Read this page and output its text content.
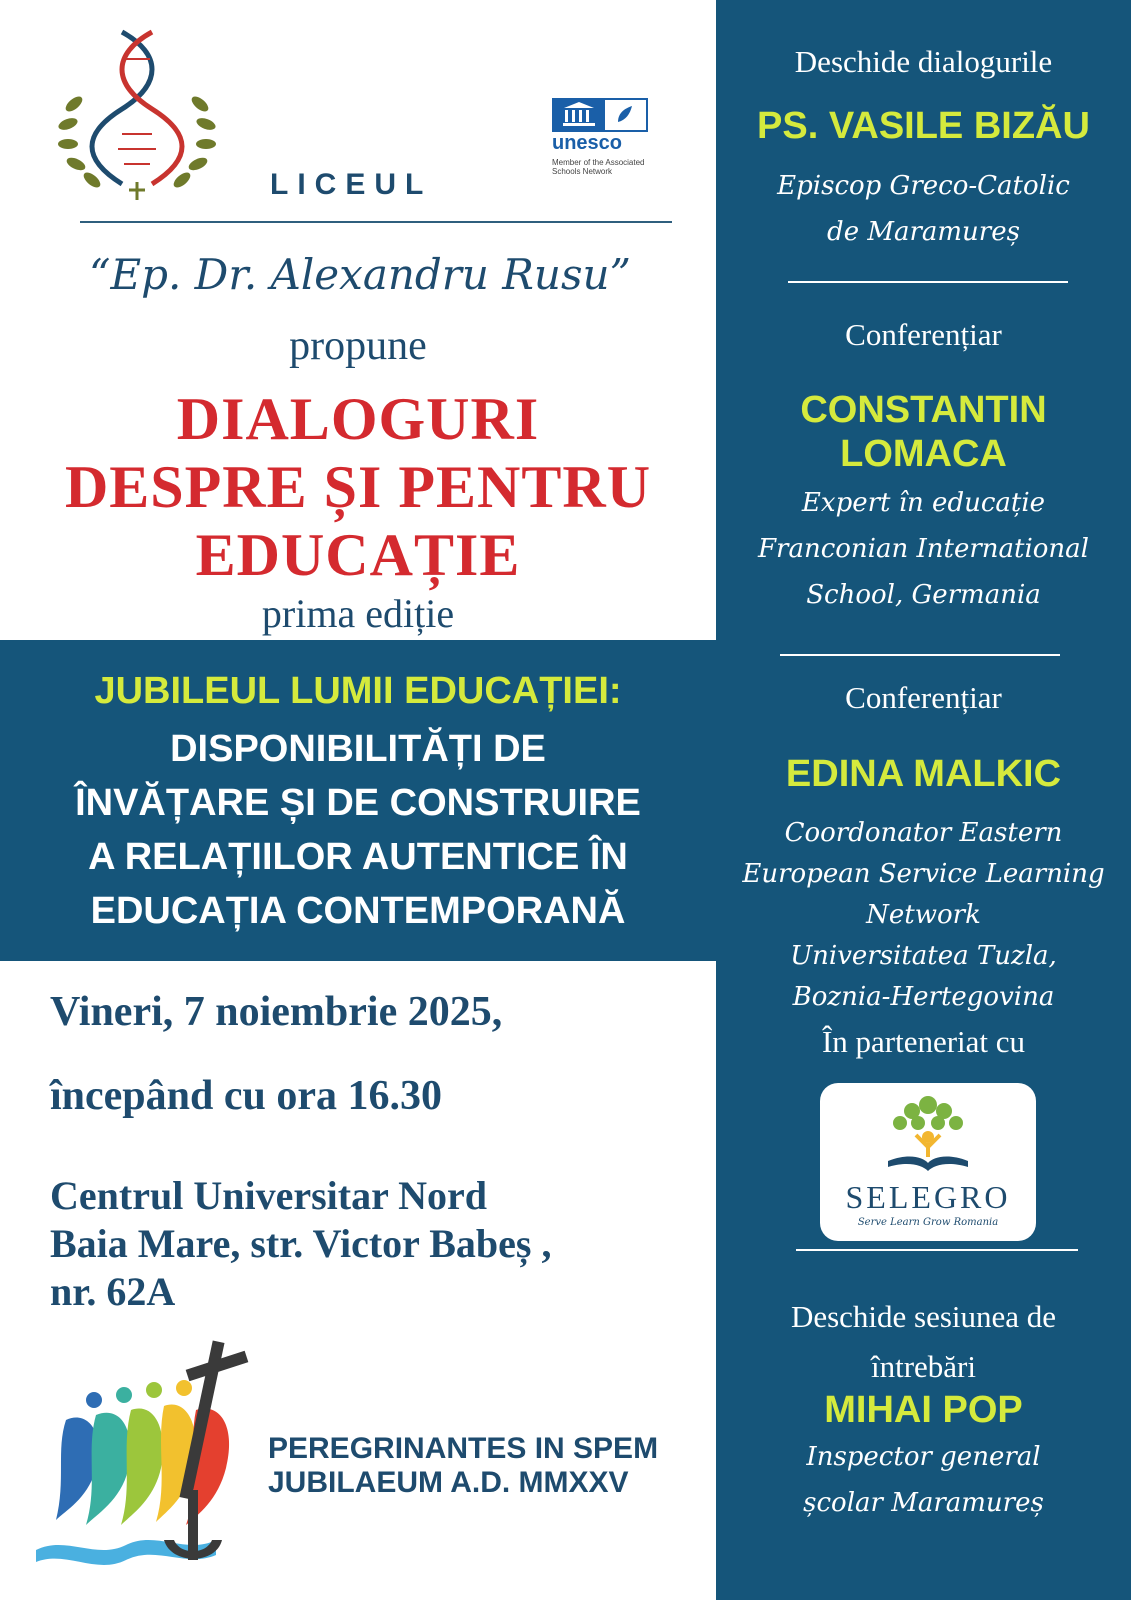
LICEUL
unesco
Member of the Associated Schools Network
“Ep. Dr. Alexandru Rusu”
propune
DIALOGURI
DESPRE ȘI PENTRU
EDUCAȚIE
prima ediție
JUBILEUL LUMII EDUCAȚIEI:
DISPONIBILITĂȚI DE
ÎNVĂȚARE ȘI DE CONSTRUIRE
A RELAȚIILOR AUTENTICE ÎN
EDUCAȚIA CONTEMPORANĂ
Vineri, 7 noiembrie 2025,
începând cu ora 16.30
Centrul Universitar Nord
Baia Mare, str. Victor Babeș ,
nr. 62A
PEREGRINANTES IN SPEM
JUBILAEUM A.D. MMXXV
Deschide dialogurile
PS. VASILE BIZĂU
Episcop Greco-Catolic
de Maramureș
Conferențiar
CONSTANTIN
LOMACA
Expert în educație
Franconian International
School, Germania
Conferențiar
EDINA MALKIC
Coordonator Eastern
European Service Learning
Network
Universitatea Tuzla,
Boznia-Hertegovina
În parteneriat cu
SELEGRO
Serve Learn Grow Romania
Deschide sesiunea de
întrebări
MIHAI POP
Inspector general
școlar Maramureș
